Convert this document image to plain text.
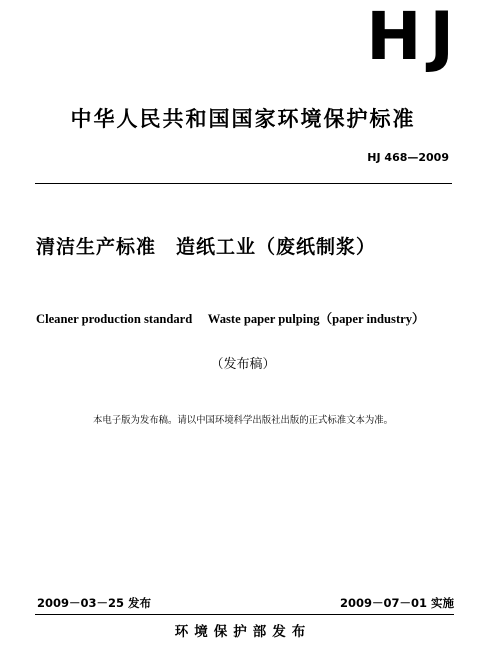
HJ
中华人民共和国国家环境保护标准
HJ 468—2009
清洁生产标准　造纸工业（废纸制浆）
Cleaner production standard　 Waste paper pulping（paper industry）
（发布稿）
本电子版为发布稿。请以中国环境科学出版社出版的正式标准文本为准。
2009－03－25 发布	2009－07－01 实施
环境保护部发布
